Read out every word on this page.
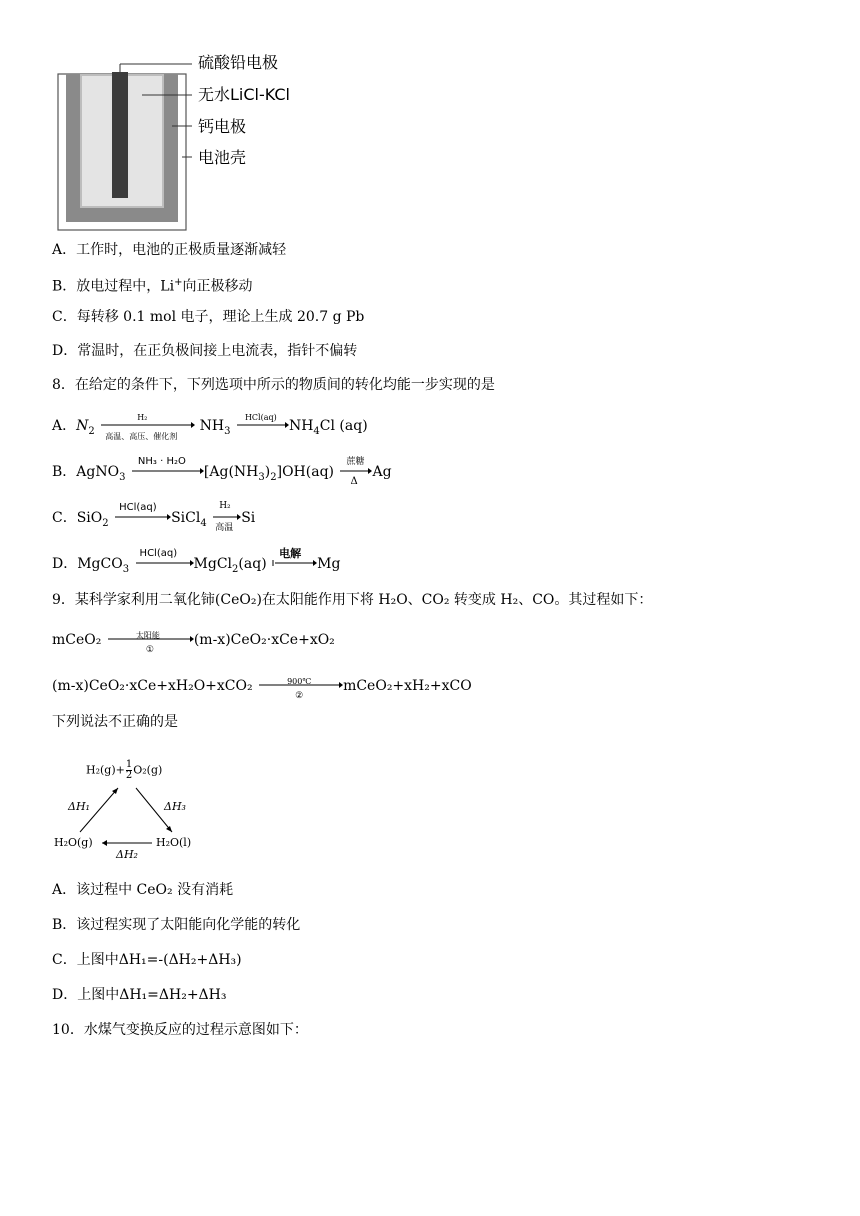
硫酸铅电极
无水LiCl-KCl
钙电极
电池壳
A．工作时，电池的正极质量逐渐减轻
B．放电过程中，Li+向正极移动
C．每转移 0.1 mol 电子，理论上生成 20.7 g Pb
D．常温时，在正负极间接上电流表，指针不偏转
8．在给定的条件下，下列选项中所示的物质间的转化均能一步实现的是
A．$N_2$
H₂
高温、高压、催化剂
$NH_3$
HCl(aq)
$NH_4Cl$ (aq)
B．AgNO$_3$
NH₃ · H₂O
$[Ag(NH_3)_2]OH(aq)$
蔗糖
Δ
Ag
C．SiO$_2$
HCl(aq)
SiCl$_4$
H₂
高温
Si
D．MgCO$_3$
HCl(aq)
MgCl$_2$(aq)
电解
Mg
9．某科学家利用二氧化铈(CeO₂)在太阳能作用下将 H₂O、CO₂ 转变成 H₂、CO。其过程如下：
mCeO₂	太阳能
①
(m-x)CeO₂·xCe+xO₂
(m-x)CeO₂·xCe+xH₂O+xCO₂	900℃
②
mCeO₂+xH₂+xCO
下列说法不正确的是
$H_2(g)+ \frac{1}{2} O_2(g)$
ΔH₁	ΔH₃
H₂O(g)	H₂O(l)
ΔH₂
A．该过程中 CeO₂ 没有消耗
B．该过程实现了太阳能向化学能的转化
C．上图中ΔH₁=-(ΔH₂+ΔH₃)
D．上图中ΔH₁=ΔH₂+ΔH₃
10．水煤气变换反应的过程示意图如下：
